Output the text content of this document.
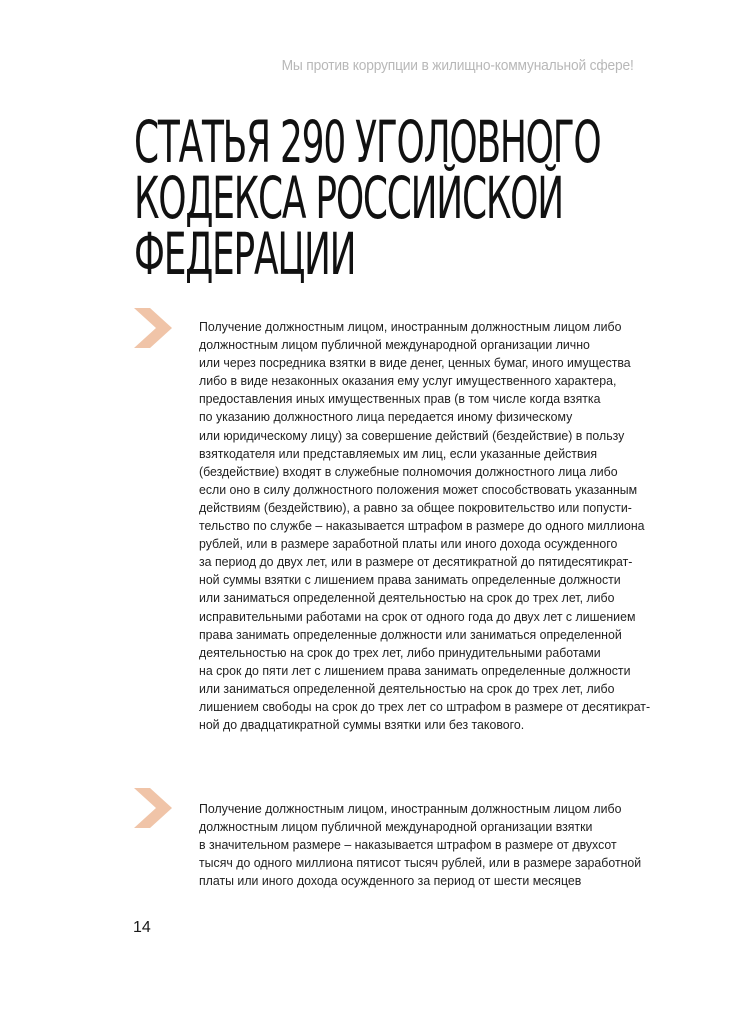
Мы против коррупции в жилищно-коммунальной сфере!
СТАТЬЯ 290 УГОЛОВНОГО
КОДЕКСА РОССИЙСКОЙ
ФЕДЕРАЦИИ

Получение должностным лицом, иностранным должностным лицом либо
должностным лицом публичной международной организации лично
или через посредника взятки в виде денег, ценных бумаг, иного имущества
либо в виде незаконных оказания ему услуг имущественного характера,
предоставления иных имущественных прав (в том числе когда взятка
по указанию должностного лица передается иному физическому
или юридическому лицу) за совершение действий (бездействие) в пользу
взяткодателя или представляемых им лиц, если указанные действия
(бездействие) входят в служебные полномочия должностного лица либо
если оно в силу должностного положения может способствовать указанным
действиям (бездействию), а равно за общее покровительство или попусти-
тельство по службе – наказывается штрафом в размере до одного миллиона
рублей, или в размере заработной платы или иного дохода осужденного
за период до двух лет, или в размере от десятикратной до пятидесятикрат-
ной суммы взятки с лишением права занимать определенные должности
или заниматься определенной деятельностью на срок до трех лет, либо
исправительными работами на срок от одного года до двух лет с лишением
права занимать определенные должности или заниматься определенной
деятельностью на срок до трех лет, либо принудительными работами
на срок до пяти лет с лишением права занимать определенные должности
или заниматься определенной деятельностью на срок до трех лет, либо
лишением свободы на срок до трех лет со штрафом в размере от десятикрат-
ной до двадцатикратной суммы взятки или без такового.

Получение должностным лицом, иностранным должностным лицом либо
должностным лицом публичной международной организации взятки
в значительном размере – наказывается штрафом в размере от двухсот
тысяч до одного миллиона пятисот тысяч рублей, или в размере заработной
платы или иного дохода осужденного за период от шести месяцев

14
